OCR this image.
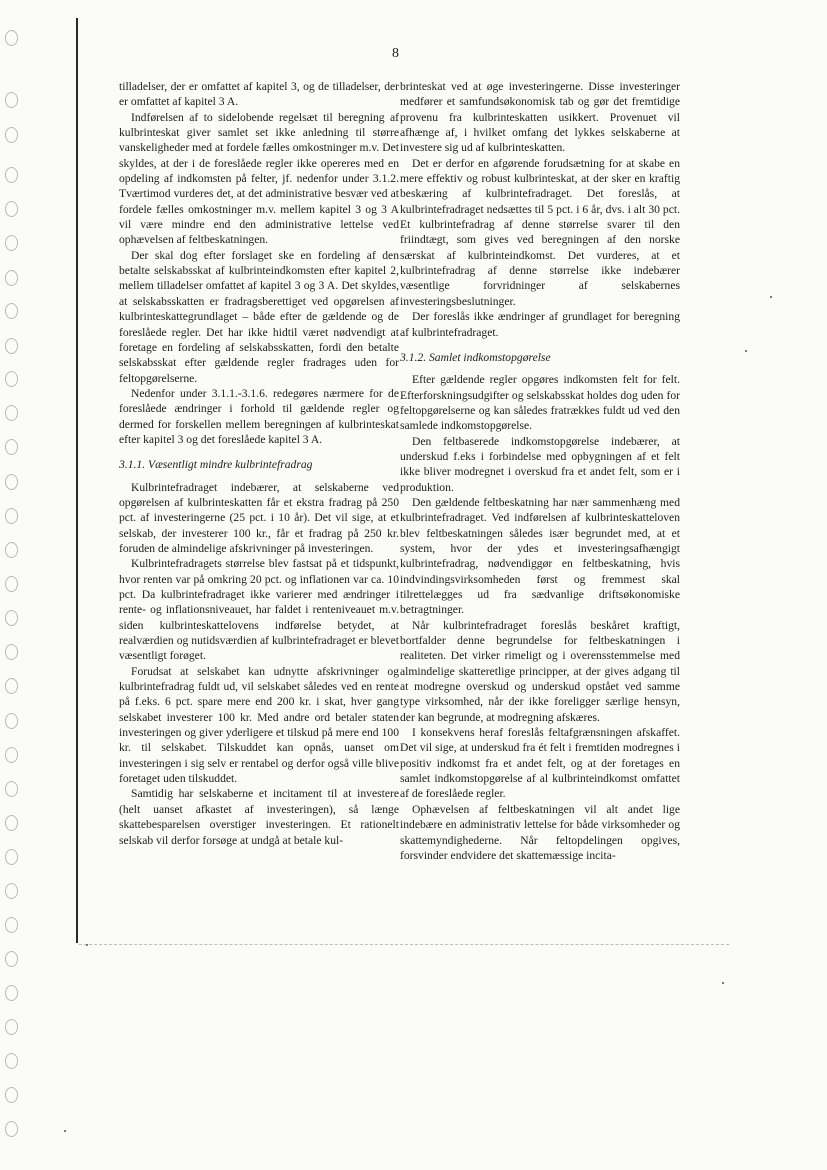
8

tilladelser, der er omfattet af kapitel 3, og de tilladelser, der er omfattet af kapitel 3 A.

Indførelsen af to sidelobende regelsæt til beregning af kulbrinteskat giver samlet set ikke anledning til større vanskeligheder med at fordele fælles omkostninger m.v. Det skyldes, at der i de foreslåede regler ikke opereres med en opdeling af indkomsten på felter, jf. nedenfor under 3.1.2. Tværtimod vurderes det, at det administrative besvær ved at fordele fælles omkostninger m.v. mellem kapitel 3 og 3 A vil være mindre end den administrative lettelse ved ophævelsen af feltbeskatningen.

Der skal dog efter forslaget ske en fordeling af den betalte selskabsskat af kulbrinteindkomsten efter kapitel 2, mellem tilladelser omfattet af kapitel 3 og 3 A. Det skyldes, at selskabsskatten er fradragsberettiget ved opgørelsen af kulbrinteskattegrundlaget – både efter de gældende og de foreslåede regler. Det har ikke hidtil været nødvendigt at foretage en fordeling af selskabsskatten, fordi den betalte selskabsskat efter gældende regler fradrages uden for feltopgørelserne.

Nedenfor under 3.1.1.-3.1.6. redegøres nærmere for de foreslåede ændringer i forhold til gældende regler og dermed for forskellen mellem beregningen af kulbrinteskat efter kapitel 3 og det foreslåede kapitel 3 A.

3.1.1. Væsentligt mindre kulbrintefradrag

Kulbrintefradraget indebærer, at selskaberne ved opgørelsen af kulbrinteskatten får et ekstra fradrag på 250 pct. af investeringerne (25 pct. i 10 år). Det vil sige, at et selskab, der investerer 100 kr., får et fradrag på 250 kr. foruden de almindelige afskrivninger på investeringen.

Kulbrintefradragets størrelse blev fastsat på et tidspunkt, hvor renten var på omkring 20 pct. og inflationen var ca. 10 pct. Da kulbrintefradraget ikke varierer med ændringer i rente- og inflationsniveauet, har faldet i renteniveauet m.v. siden kulbrinteskattelovens indførelse betydet, at realværdien og nutidsværdien af kulbrintefradraget er blevet væsentligt forøget.

Forudsat at selskabet kan udnytte afskrivninger og kulbrintefradrag fuldt ud, vil selskabet således ved en rente på f.eks. 6 pct. spare mere end 200 kr. i skat, hver gang selskabet investerer 100 kr. Med andre ord betaler staten investeringen og giver yderligere et tilskud på mere end 100 kr. til selskabet. Tilskuddet kan opnås, uanset om investeringen i sig selv er rentabel og derfor også ville blive foretaget uden tilskuddet.

Samtidig har selskaberne et incitament til at investere (helt uanset afkastet af investeringen), så længe skattebesparelsen overstiger investeringen. Et rationelt selskab vil derfor forsøge at undgå at betale kul-

brinteskat ved at øge investeringerne. Disse investeringer medfører et samfundsøkonomisk tab og gør det fremtidige provenu fra kulbrinteskatten usikkert. Provenuet vil afhænge af, i hvilket omfang det lykkes selskaberne at investere sig ud af kulbrinteskatten.

Det er derfor en afgørende forudsætning for at skabe en mere effektiv og robust kulbrinteskat, at der sker en kraftig beskæring af kulbrintefradraget. Det foreslås, at kulbrintefradraget nedsættes til 5 pct. i 6 år, dvs. i alt 30 pct. Et kulbrintefradrag af denne størrelse svarer til den friindtægt, som gives ved beregningen af den norske særskat af kulbrinteindkomst. Det vurderes, at et kulbrintefradrag af denne størrelse ikke indebærer væsentlige forvridninger af selskabernes investeringsbeslutninger.

Der foreslås ikke ændringer af grundlaget for beregning af kulbrintefradraget.

3.1.2. Samlet indkomstopgørelse

Efter gældende regler opgøres indkomsten felt for felt. Efterforskningsudgifter og selskabsskat holdes dog uden for feltopgørelserne og kan således fratrækkes fuldt ud ved den samlede indkomstopgørelse.

Den feltbaserede indkomstopgørelse indebærer, at underskud f.eks i forbindelse med opbygningen af et felt ikke bliver modregnet i overskud fra et andet felt, som er i produktion.

Den gældende feltbeskatning har nær sammenhæng med kulbrintefradraget. Ved indførelsen af kulbrinteskatteloven blev feltbeskatningen således især begrundet med, at et system, hvor der ydes et investeringsafhængigt kulbrintefradrag, nødvendiggør en feltbeskatning, hvis indvindingsvirksomheden først og fremmest skal tilrettelægges ud fra sædvanlige driftsøkonomiske betragtninger.

Når kulbrintefradraget foreslås beskåret kraftigt, bortfalder denne begrundelse for feltbeskatningen i realiteten. Det virker rimeligt og i overensstemmelse med almindelige skatteretlige principper, at der gives adgang til at modregne overskud og underskud opstået ved samme type virksomhed, når der ikke foreligger særlige hensyn, der kan begrunde, at modregning afskæres.

I konsekvens heraf foreslås feltafgrænsningen afskaffet. Det vil sige, at underskud fra ét felt i fremtiden modregnes i positiv indkomst fra et andet felt, og at der foretages en samlet indkomstopgørelse af al kulbrinteindkomst omfattet af de foreslåede regler.

Ophævelsen af feltbeskatningen vil alt andet lige indebære en administrativ lettelse for både virksomheder og skattemyndighederne. Når feltopdelingen opgives, forsvinder endvidere det skattemæssige incita-
